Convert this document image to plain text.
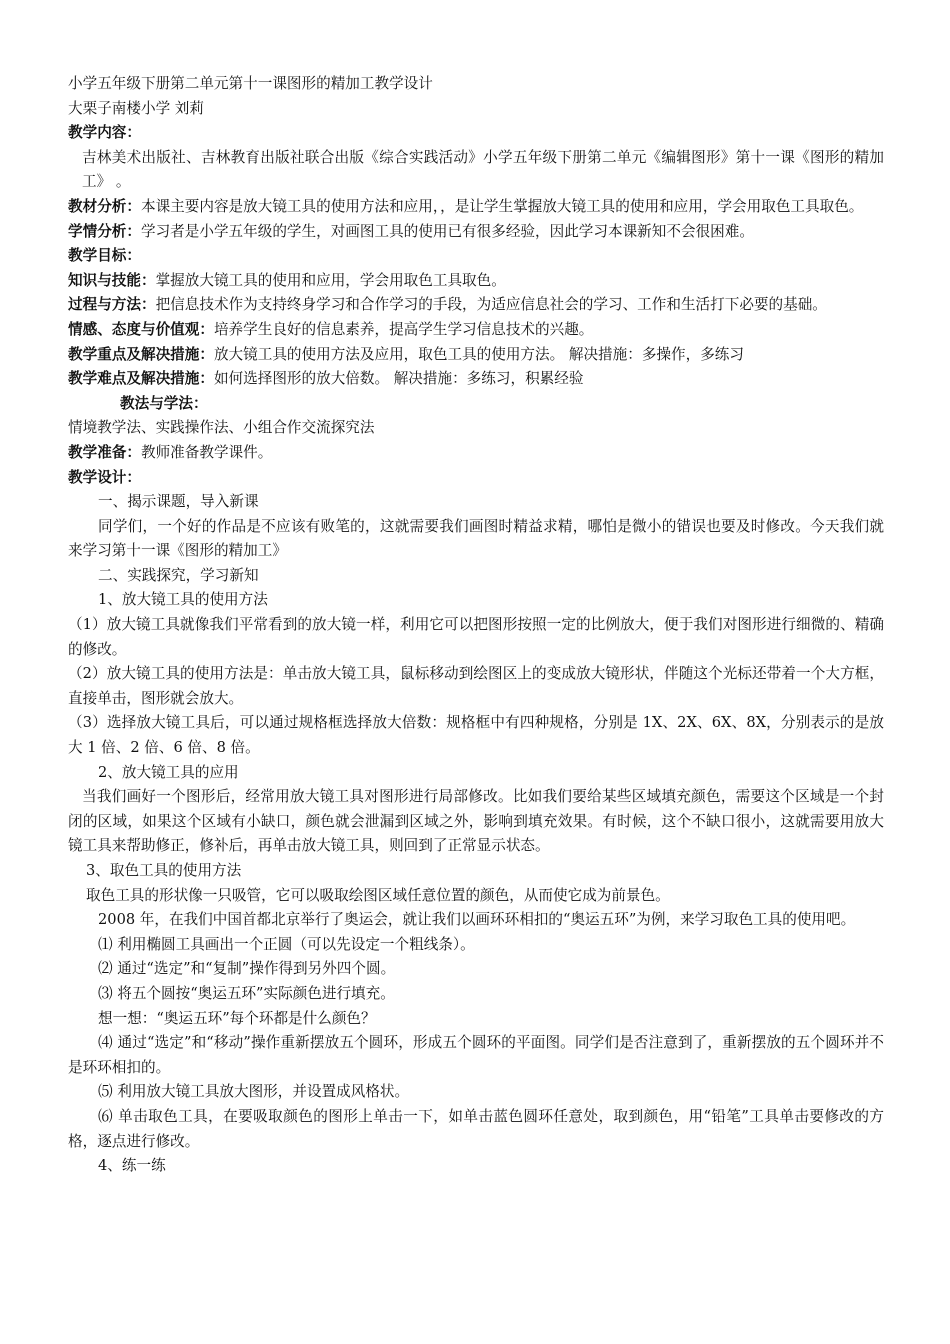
小学五年级下册第二单元第十一课图形的精加工教学设计
大栗子南楼小学 刘莉
教学内容：
吉林美术出版社、吉林教育出版社联合出版《综合实践活动》小学五年级下册第二单元《编辑图形》第十一课《图形的精加工》 。
教材分析：本课主要内容是放大镜工具的使用方法和应用，，是让学生掌握放大镜工具的使用和应用，学会用取色工具取色。
学情分析：学习者是小学五年级的学生，对画图工具的使用已有很多经验，因此学习本课新知不会很困难。
教学目标：
知识与技能：掌握放大镜工具的使用和应用，学会用取色工具取色。
过程与方法：把信息技术作为支持终身学习和合作学习的手段，为适应信息社会的学习、工作和生活打下必要的基础。
情感、态度与价值观：培养学生良好的信息素养，提高学生学习信息技术的兴趣。
教学重点及解决措施：放大镜工具的使用方法及应用，取色工具的使用方法。 解决措施：多操作，多练习
教学难点及解决措施：如何选择图形的放大倍数。 解决措施：多练习，积累经验
教法与学法：
情境教学法、实践操作法、小组合作交流探究法
教学准备：教师准备教学课件。
教学设计：
一、揭示课题，导入新课
同学们，一个好的作品是不应该有败笔的，这就需要我们画图时精益求精，哪怕是微小的错误也要及时修改。今天我们就来学习第十一课《图形的精加工》
二、实践探究，学习新知
1、放大镜工具的使用方法
（1）放大镜工具就像我们平常看到的放大镜一样，利用它可以把图形按照一定的比例放大，便于我们对图形进行细微的、精确的修改。
（2）放大镜工具的使用方法是：单击放大镜工具，鼠标移动到绘图区上的变成放大镜形状，伴随这个光标还带着一个大方框，直接单击，图形就会放大。
（3）选择放大镜工具后，可以通过规格框选择放大倍数：规格框中有四种规格，分别是 1X、2X、6X、8X，分别表示的是放大 1 倍、2 倍、6 倍、8 倍。
2、放大镜工具的应用
当我们画好一个图形后，经常用放大镜工具对图形进行局部修改。比如我们要给某些区域填充颜色，需要这个区域是一个封闭的区域，如果这个区域有小缺口，颜色就会泄漏到区域之外，影响到填充效果。有时候，这个不缺口很小，这就需要用放大镜工具来帮助修正，修补后，再单击放大镜工具，则回到了正常显示状态。
3、取色工具的使用方法
取色工具的形状像一只吸管，它可以吸取绘图区域任意位置的颜色，从而使它成为前景色。
2008 年，在我们中国首都北京举行了奥运会，就让我们以画环环相扣的“奥运五环”为例，来学习取色工具的使用吧。
⑴ 利用椭圆工具画出一个正圆（可以先设定一个粗线条）。
⑵ 通过“选定”和“复制”操作得到另外四个圆。
⑶ 将五个圆按“奥运五环”实际颜色进行填充。
想一想：“奥运五环”每个环都是什么颜色？
⑷ 通过“选定”和“移动”操作重新摆放五个圆环，形成五个圆环的平面图。同学们是否注意到了，重新摆放的五个圆环并不是环环相扣的。
⑸ 利用放大镜工具放大图形，并设置成风格状。
⑹ 单击取色工具，在要吸取颜色的图形上单击一下，如单击蓝色圆环任意处，取到颜色，用“铅笔”工具单击要修改的方格，逐点进行修改。
4、练一练
